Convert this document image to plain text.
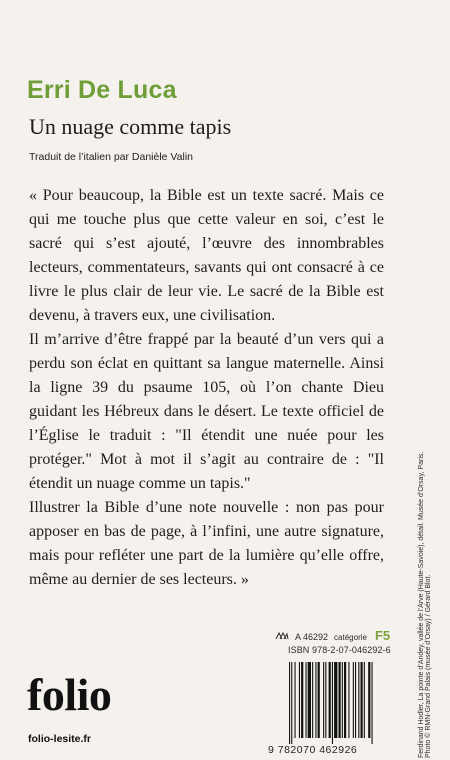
Erri De Luca
Un nuage comme tapis
Traduit de l’italien par Danièle Valin

« Pour beaucoup, la Bible est un texte sacré. Mais ce qui me touche plus que cette valeur en soi, c’est le sacré qui s’est ajouté, l’œuvre des innombrables lecteurs, commentateurs, savants qui ont consacré à ce livre le plus clair de leur vie. Le sacré de la Bible est devenu, à travers eux, une civilisation.

Il m’arrive d’être frappé par la beauté d’un vers qui a perdu son éclat en quittant sa langue maternelle. Ainsi la ligne 39 du psaume 105, où l’on chante Dieu guidant les Hébreux dans le désert. Le texte officiel de l’Église le traduit : "Il étendit une nuée pour les protéger." Mot à mot il s’agit au contraire de : "Il étendit un nuage comme un tapis."

Illustrer la Bible d’une note nouvelle : non pas pour apposer en bas de page, à l’infini, une autre signature, mais pour refléter une part de la lumière qu’elle offre, même au dernier de ses lecteurs. »	Ferdinand Hodler, La pointe d’Andey, vallée de l’Arve (Haute-Savoie), détail. Musée d’Orsay, Paris. Photo © RMN-Grand Palais (musée d’Orsay) / Gérard Blot.
A 46292 catégorie F5
ISBN 978-2-07-046292-6
9 782070 462926
folio
folio-lesite.fr
